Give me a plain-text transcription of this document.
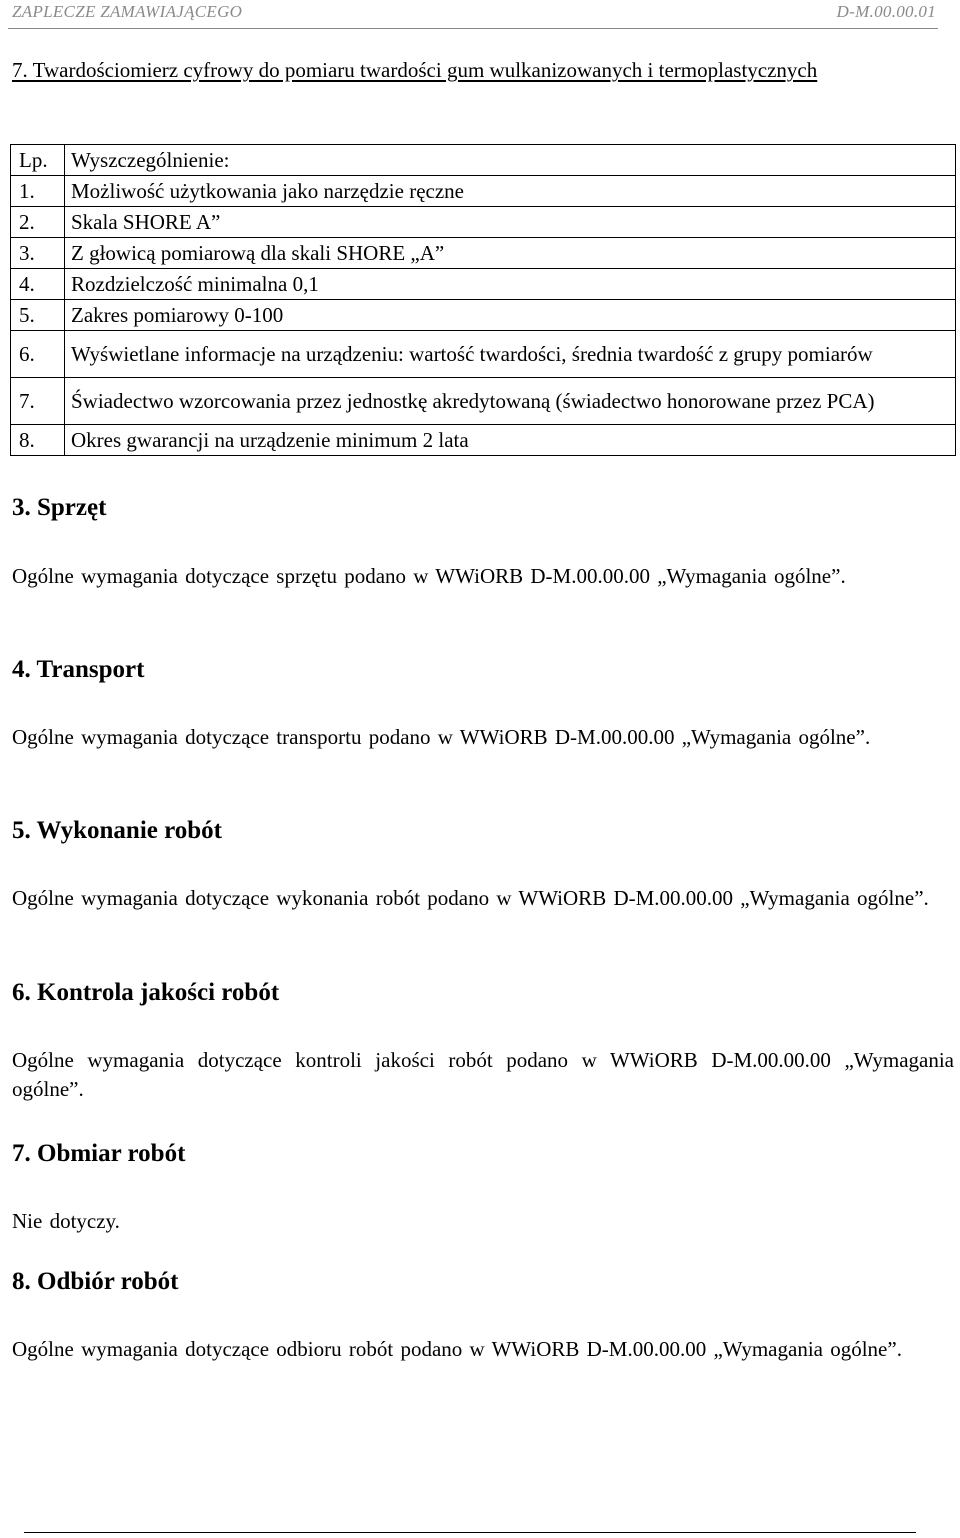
ZAPLECZE ZAMAWIAJĄCEGO	D-M.00.00.01
7. Twardościomierz cyfrowy do pomiaru twardości gum wulkanizowanych i termoplastycznych
Lp.	Wyszczególnienie:
1.	Możliwość użytkowania jako narzędzie ręczne
2.	Skala SHORE A”
3.	Z głowicą pomiarową dla skali SHORE „A”
4.	Rozdzielczość minimalna 0,1
5.	Zakres pomiarowy 0-100
6.	Wyświetlane informacje na urządzeniu: wartość twardości, średnia twardość z grupy pomiarów
7.	Świadectwo wzorcowania przez jednostkę akredytowaną (świadectwo honorowane przez PCA)
8.	Okres gwarancji na urządzenie minimum 2 lata
3. Sprzęt

Ogólne wymagania dotyczące sprzętu podano w WWiORB D-M.00.00.00 „Wymagania ogólne”.

4. Transport

Ogólne wymagania dotyczące transportu podano w WWiORB D-M.00.00.00 „Wymagania ogólne”.

5. Wykonanie robót

Ogólne wymagania dotyczące wykonania robót podano w WWiORB D-M.00.00.00 „Wymagania ogólne”.

6. Kontrola jakości robót

Ogólne wymagania dotyczące kontroli jakości robót podano w WWiORB D-M.00.00.00 „Wymagania ogólne”.

7. Obmiar robót

Nie dotyczy.

8. Odbiór robót

Ogólne wymagania dotyczące odbioru robót podano w WWiORB D-M.00.00.00 „Wymagania ogólne”.
